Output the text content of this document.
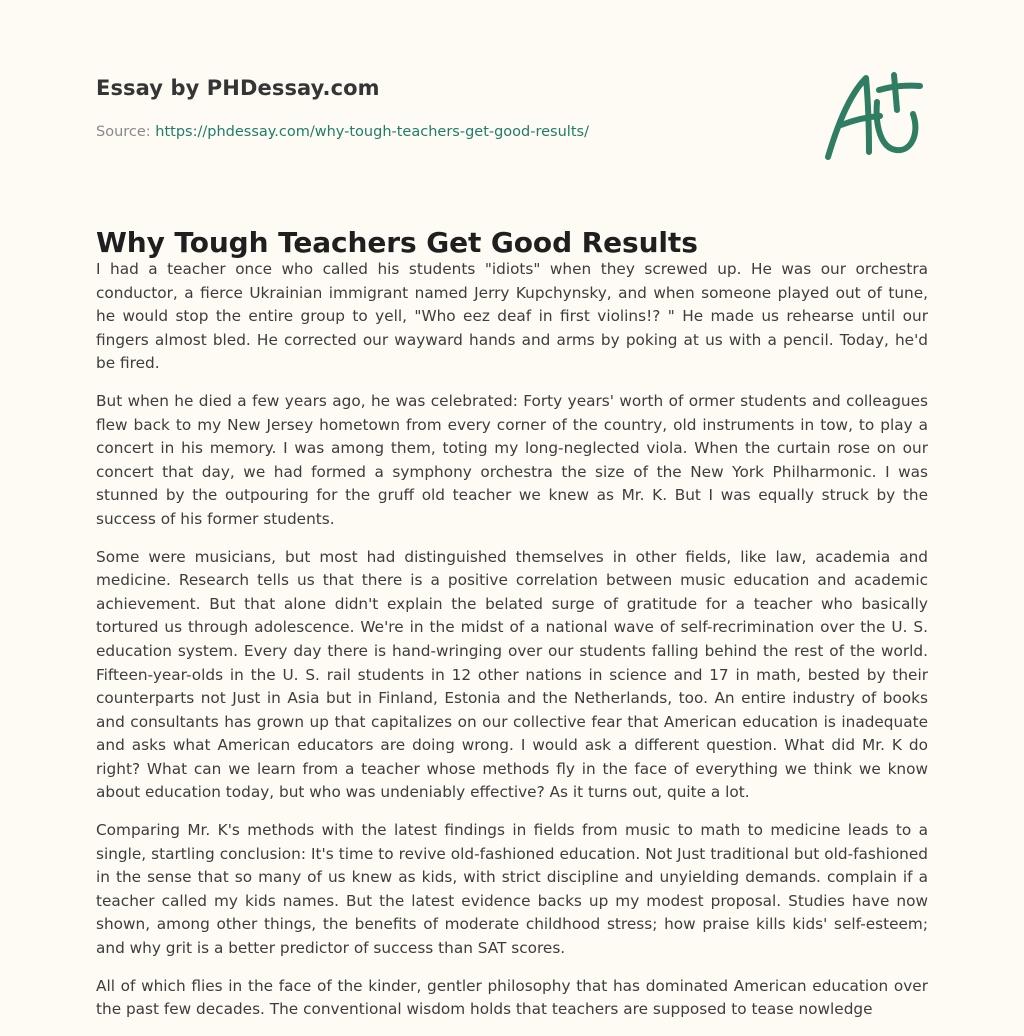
Essay by PHDessay.com
Source: https://phdessay.com/why-tough-teachers-get-good-results/
Why Tough Teachers Get Good Results

I had a teacher once who called his students "idiots" when they screwed up. He was our orchestra conductor, a fierce Ukrainian immigrant named Jerry Kupchynsky, and when someone played out of tune, he would stop the entire group to yell, "Who eez deaf in first violins!? " He made us rehearse until our fingers almost bled. He corrected our wayward hands and arms by poking at us with a pencil. Today, he'd be fired.

But when he died a few years ago, he was celebrated: Forty years' worth of ormer students and colleagues flew back to my New Jersey hometown from every corner of the country, old instruments in tow, to play a concert in his memory. I was among them, toting my long-neglected viola. When the curtain rose on our concert that day, we had formed a symphony orchestra the size of the New York Philharmonic. I was stunned by the outpouring for the gruff old teacher we knew as Mr. K. But I was equally struck by the success of his former students.

Some were musicians, but most had distinguished themselves in other fields, like law, academia and medicine. Research tells us that there is a positive correlation between music education and academic achievement. But that alone didn't explain the belated surge of gratitude for a teacher who basically tortured us through adolescence. We're in the midst of a national wave of self-recrimination over the U. S. education system. Every day there is hand-wringing over our students falling behind the rest of the world. Fifteen-year-olds in the U. S. rail students in 12 other nations in science and 17 in math, bested by their counterparts not Just in Asia but in Finland, Estonia and the Netherlands, too. An entire industry of books and consultants has grown up that capitalizes on our collective fear that American education is inadequate and asks what American educators are doing wrong. I would ask a different question. What did Mr. K do right? What can we learn from a teacher whose methods fly in the face of everything we think we know about education today, but who was undeniably effective? As it turns out, quite a lot.

Comparing Mr. K's methods with the latest findings in fields from music to math to medicine leads to a single, startling conclusion: It's time to revive old-fashioned education. Not Just traditional but old-fashioned in the sense that so many of us knew as kids, with strict discipline and unyielding demands. complain if a teacher called my kids names. But the latest evidence backs up my modest proposal. Studies have now shown, among other things, the benefits of moderate childhood stress; how praise kills kids' self-esteem; and why grit is a better predictor of success than SAT scores.

All of which flies in the face of the kinder, gentler philosophy that has dominated American education over the past few decades. The conventional wisdom holds that teachers are supposed to tease nowledge
